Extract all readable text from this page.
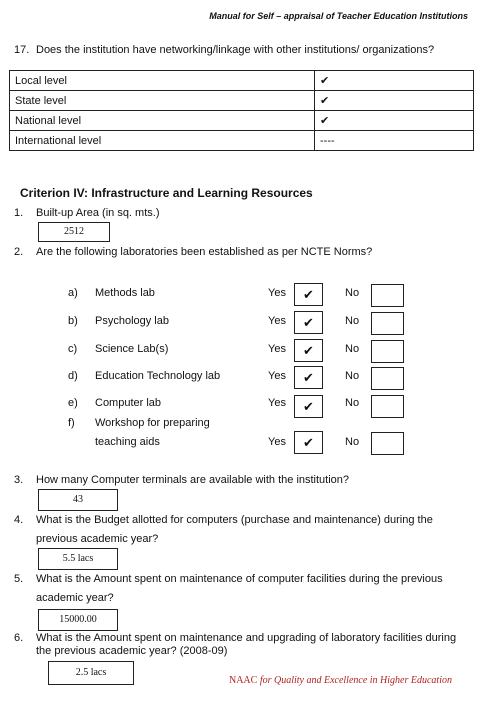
Manual for Self – appraisal of Teacher Education Institutions
17. Does the institution have networking/linkage with other institutions/ organizations?
Local level	✔
State level	✔
National level	✔
International level	----
Criterion IV: Infrastructure and Learning Resources
1. Built-up Area (in sq. mts.)
2512
2. Are the following laboratories been established as per NCTE Norms?
a) Methods lab	Yes	✔	No
b) Psychology lab	Yes	✔	No
c) Science Lab(s)	Yes	✔	No
d) Education Technology lab	Yes	✔	No
e) Computer lab	Yes	✔	No
f) Workshop for preparing
teaching aids	Yes	✔	No
3. How many Computer terminals are available with the institution?
43
4. What is the Budget allotted for computers (purchase and maintenance) during the
previous academic year?
5.5 lacs
5. What is the Amount spent on maintenance of computer facilities during the previous
academic year?
15000.00
6. What is the Amount spent on maintenance and upgrading of laboratory facilities during
the previous academic year? (2008-09)
2.5 lacs
NAAC for Quality and Excellence in Higher Education
